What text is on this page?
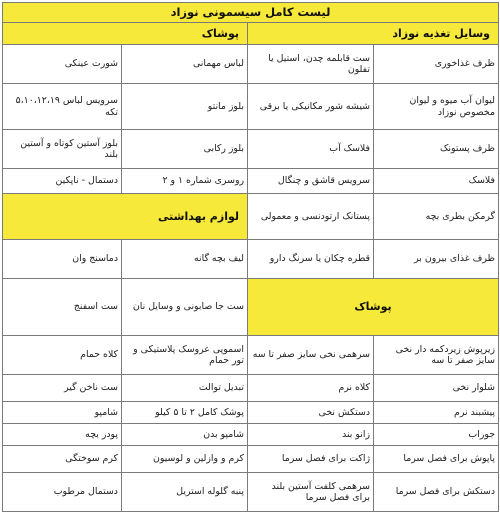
لیست کامل سیسمونی نوزاد			
وسایل تغذیه نوزاد		پوشاک	
ظرف غذاخوری	ست قابلمه چدن، استیل یا تفلون	لباس مهمانی	شورت عینکی
لیوان آب میوه و لیوان مخصوص نوزاد	شیشه شور مکانیکی یا برقی	بلوز مانتو	سرویس لباس ۵،۱۰،۱۲،۱۹ تکه
ظرف پستونک	فلاسک آب	بلوز رکابی	بلوز آستین کوتاه و آستین بلند
فلاسک	سرویس قاشق و چنگال	روسری شماره ۱ و ۲	دستمال - ناپکین
گرمکن بطری بچه	پستانک ارتودنسی و معمولی	لوازم بهداشتی	
ظرف غذای بیرون بر	قطره چکان یا سرنگ دارو	لیف بچه گانه	دماسنج وان
پوشاک		ست جا صابونی و وسایل نان	ست اسفنج
زیرپوش زیردکمه دار نخی سایز صفر تا سه	سرهمی نخی سایز صفر تا سه	اسموپی عروسک پلاستیکی و تور حمام	کلاه حمام
شلوار نخی	کلاه نرم	تبدیل توالت	ست ناخن گیر
پیشبند نرم	دستکش نخی	پوشک کامل ۲ تا ۵ کیلو	شامپو
جوراب	زانو بند	شامپو بدن	پودر بچه
پاپوش برای فصل سرما	ژاکت برای فصل سرما	کرم و وازلین و لوسیون	کرم سوختگی
دستکش برای فصل سرما	سرهمی کلفت آستین بلند برای فصل سرما	پنبه گلوله استریل	دستمال مرطوب
